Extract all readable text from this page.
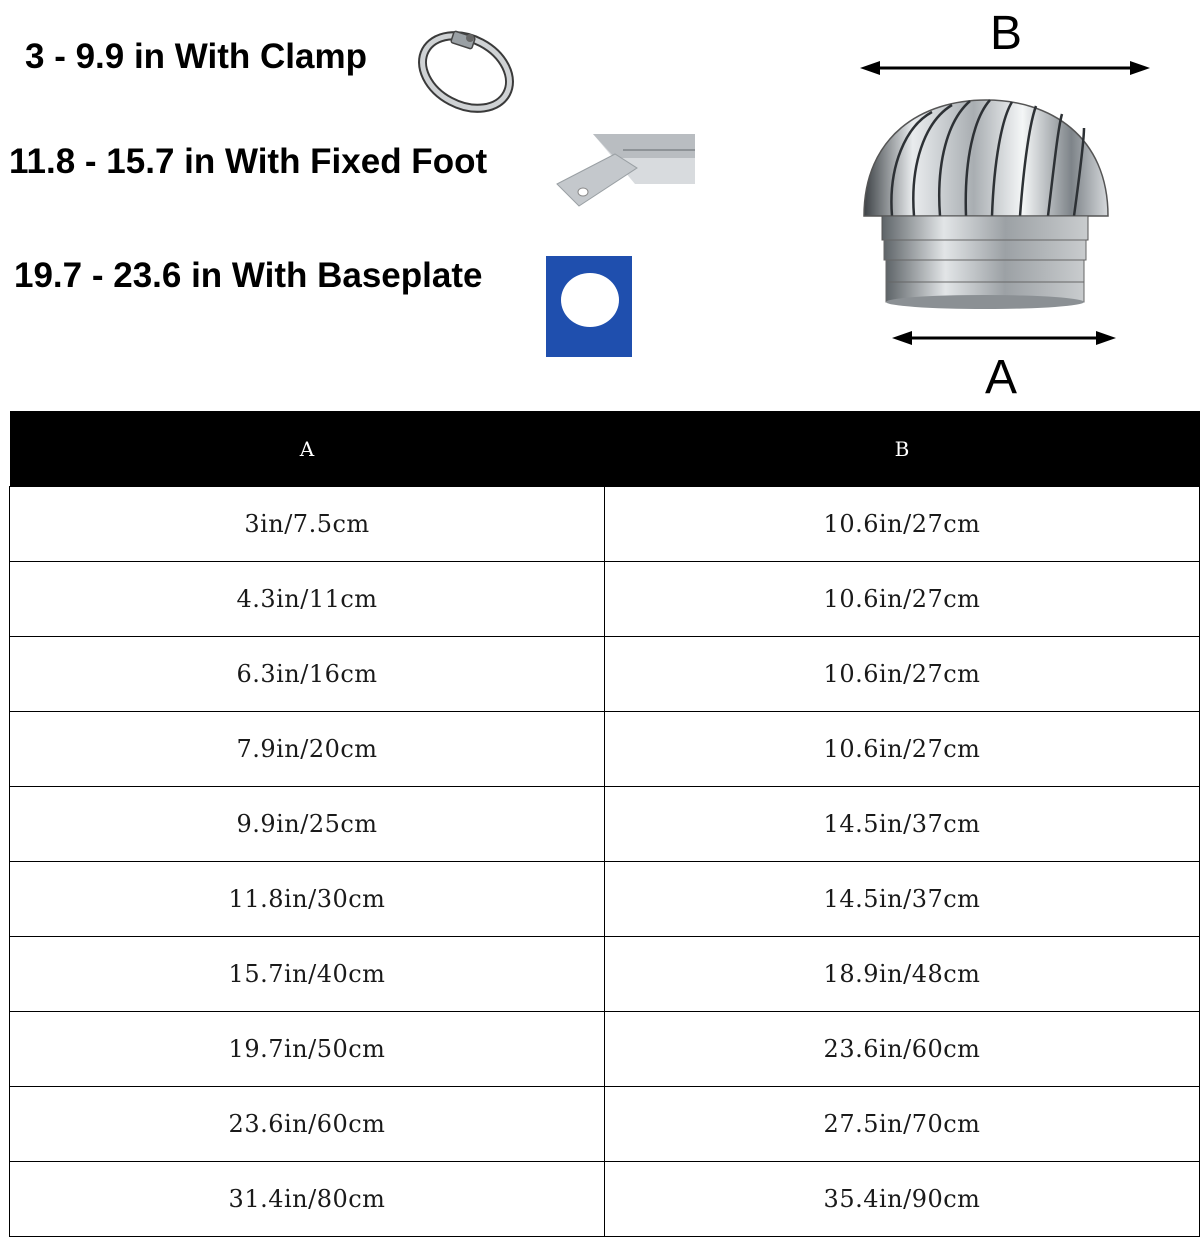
3 - 9.9 in With Clamp
11.8 - 15.7 in With Fixed Foot
19.7 - 23.6 in With Baseplate
B
A
A	B
3in/7.5cm	10.6in/27cm
4.3in/11cm	10.6in/27cm
6.3in/16cm	10.6in/27cm
7.9in/20cm	10.6in/27cm
9.9in/25cm	14.5in/37cm
11.8in/30cm	14.5in/37cm
15.7in/40cm	18.9in/48cm
19.7in/50cm	23.6in/60cm
23.6in/60cm	27.5in/70cm
31.4in/80cm	35.4in/90cm
